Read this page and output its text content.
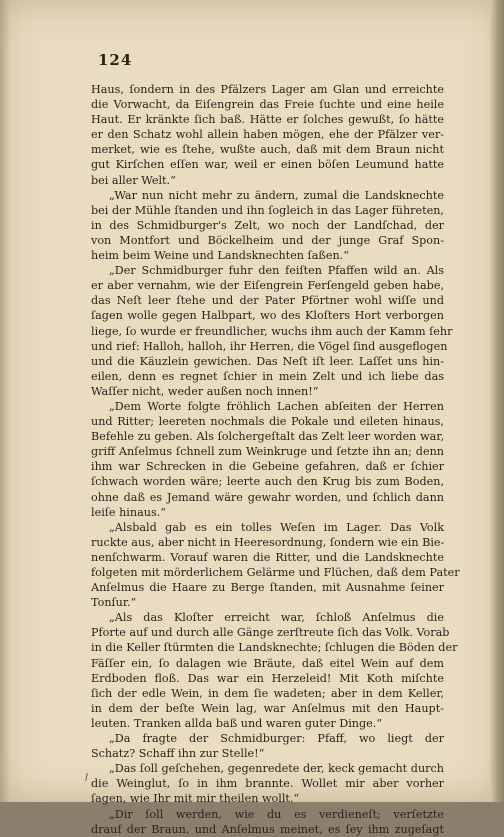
124
Haus, ſondern in des Pfälzers Lager am Glan und erreichte
die Vorwacht, da Eiſengrein das Freie ſuchte und eine heile
Haut. Er kränkte ſich baß. Hätte er ſolches gewußt, ſo hätte
er den Schatz wohl allein haben mögen, ehe der Pfälzer ver-
merket, wie es ſtehe, wußte auch, daß mit dem Braun nicht
gut Kirſchen eſſen war, weil er einen böſen Leumund hatte
bei aller Welt.“
„War nun nicht mehr zu ändern, zumal die Landsknechte
bei der Mühle ſtanden und ihn ſogleich in das Lager führeten,
in des Schmidburger's Zelt, wo noch der Landſchad, der
von Montfort und Böckelheim und der junge Graf Spon-
heim beim Weine und Landsknechten ſaßen.“
„Der Schmidburger fuhr den feiſten Pfaffen wild an. Als
er aber vernahm, wie der Eiſengrein Ferſengeld geben habe,
das Neſt leer ſtehe und der Pater Pförtner wohl wiſſe und
ſagen wolle gegen Halbpart, wo des Kloſters Hort verborgen
liege, ſo wurde er freundlicher, wuchs ihm auch der Kamm ſehr
und rief: Halloh, halloh, ihr Herren, die Vögel ſind ausgeflogen
und die Käuzlein gewichen. Das Neſt iſt leer. Laſſet uns hin-
eilen, denn es regnet ſchier in mein Zelt und ich liebe das
Waſſer nicht, weder außen noch innen!“
„Dem Worte folgte fröhlich Lachen abſeiten der Herren
und Ritter; leereten nochmals die Pokale und eileten hinaus,
Befehle zu geben. Als ſolchergeſtalt das Zelt leer worden war,
griff Anſelmus ſchnell zum Weinkruge und ſetzte ihn an; denn
ihm war Schrecken in die Gebeine gefahren, daß er ſchier
ſchwach worden wäre; leerte auch den Krug bis zum Boden,
ohne daß es Jemand wäre gewahr worden, und ſchlich dann
leiſe hinaus.“
„Alsbald gab es ein tolles Weſen im Lager. Das Volk
ruckte aus, aber nicht in Heeresordnung, ſondern wie ein Bie-
nenſchwarm. Vorauf waren die Ritter, und die Landsknechte
folgeten mit mörderlichem Gelärme und Flüchen, daß dem Pater
Anſelmus die Haare zu Berge ſtanden, mit Ausnahme ſeiner
Tonſur.“
„Als das Kloſter erreicht war, ſchloß Anſelmus die
Pforte auf und durch alle Gänge zerſtreute ſich das Volk. Vorab
in die Keller ſtürmten die Landsknechte; ſchlugen die Böden der
Fäſſer ein, ſo dalagen wie Bräute, daß eitel Wein auf dem
Erdboden floß. Das war ein Herzeleid! Mit Koth miſchte
ſich der edle Wein, in dem ſie wadeten; aber in dem Keller,
in dem der beſte Wein lag, war Anſelmus mit den Haupt-
leuten. Tranken allda baß und waren guter Dinge.“
„Da fragte der Schmidburger: Pfaff, wo liegt der
Schatz? Schaff ihn zur Stelle!“
„Das ſoll geſchehen, gegenredete der, keck gemacht durch
die Weinglut, ſo in ihm brannte. Wollet mir aber vorher
ſagen, wie Ihr mit mir theilen wollt.“
„Dir ſoll werden, wie du es verdieneſt; verſetzte
drauf der Braun, und Anſelmus meinet, es ſey ihm zugeſagt
